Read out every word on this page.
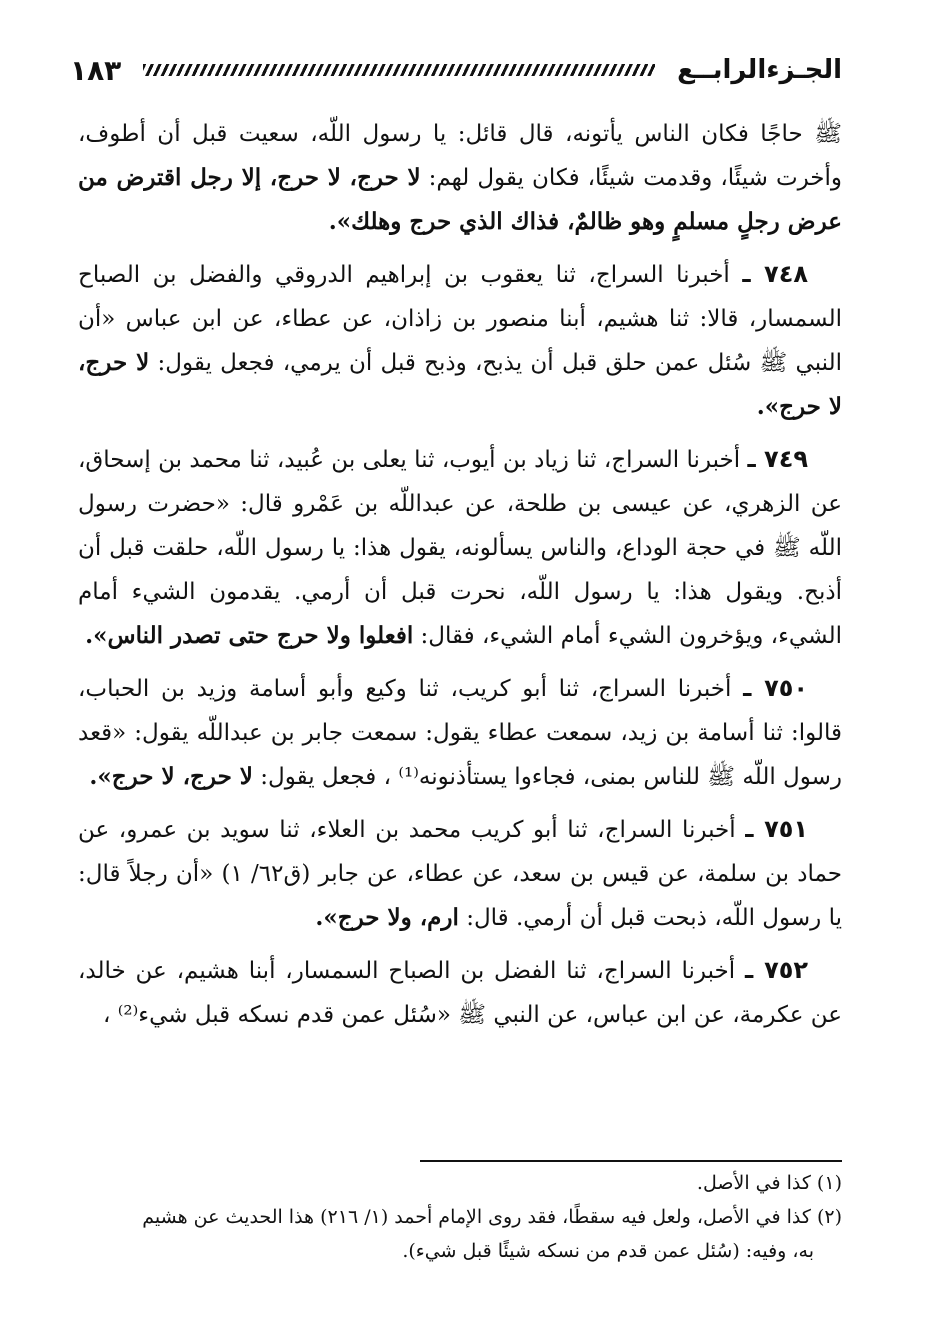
١٨٣	الجـزءالرابــع

ﷺ حاجًا فكان الناس يأتونه، قال قائل: يا رسول اللّه، سعيت قبل أن أطوف، وأخرت شيئًا، وقدمت شيئًا، فكان يقول لهم: لا حرج، لا حرج، إلا رجل اقترض من عرض رجلٍ مسلمٍ وهو ظالمٌ، فذاك الذي حرج وهلك».

٧٤٨ ـ أخبرنا السراج، ثنا يعقوب بن إبراهيم الدروقي والفضل بن الصباح السمسار، قالا: ثنا هشيم، أبنا منصور بن زاذان، عن عطاء، عن ابن عباس «أن النبي ﷺ سُئل عمن حلق قبل أن يذبح، وذبح قبل أن يرمي، فجعل يقول: لا حرج، لا حرج».

٧٤٩ ـ أخبرنا السراج، ثنا زياد بن أيوب، ثنا يعلى بن عُبيد، ثنا محمد بن إسحاق، عن الزهري، عن عيسى بن طلحة، عن عبداللّه بن عَمْرو قال: «حضرت رسول اللّه ﷺ في حجة الوداع، والناس يسألونه، يقول هذا: يا رسول اللّه، حلقت قبل أن أذبح. ويقول هذا: يا رسول اللّه، نحرت قبل أن أرمي. يقدمون الشيء أمام الشيء، ويؤخرون الشيء أمام الشيء، فقال: افعلوا ولا حرج حتى تصدر الناس».

٧٥٠ ـ أخبرنا السراج، ثنا أبو كريب، ثنا وكيع وأبو أسامة وزيد بن الحباب، قالوا: ثنا أسامة بن زيد، سمعت عطاء يقول: سمعت جابر بن عبداللّه يقول: «قعد رسول اللّه ﷺ للناس بمنى، فجاءوا يستأذنونه⁽¹⁾ ، فجعل يقول: لا حرج، لا حرج».

٧٥١ ـ أخبرنا السراج، ثنا أبو كريب محمد بن العلاء، ثنا سويد بن عمرو، عن حماد بن سلمة، عن قيس بن سعد، عن عطاء، عن جابر (ق٦٢/ ١) «أن رجلاً قال: يا رسول اللّه، ذبحت قبل أن أرمي. قال: ارم، ولا حرج».

٧٥٢ ـ أخبرنا السراج، ثنا الفضل بن الصباح السمسار، أبنا هشيم، عن خالد، عن عكرمة، عن ابن عباس، عن النبي ﷺ «سُئل عمن قدم نسكه قبل شيء⁽²⁾ ،

(١) كذا في الأصل.

(٢) كذا في الأصل، ولعل فيه سقطًا، فقد روى الإمام أحمد (١/ ٢١٦) هذا الحديث عن هشيم

به، وفيه: (سُئل عمن قدم من نسكه شيئًا قبل شيء).
